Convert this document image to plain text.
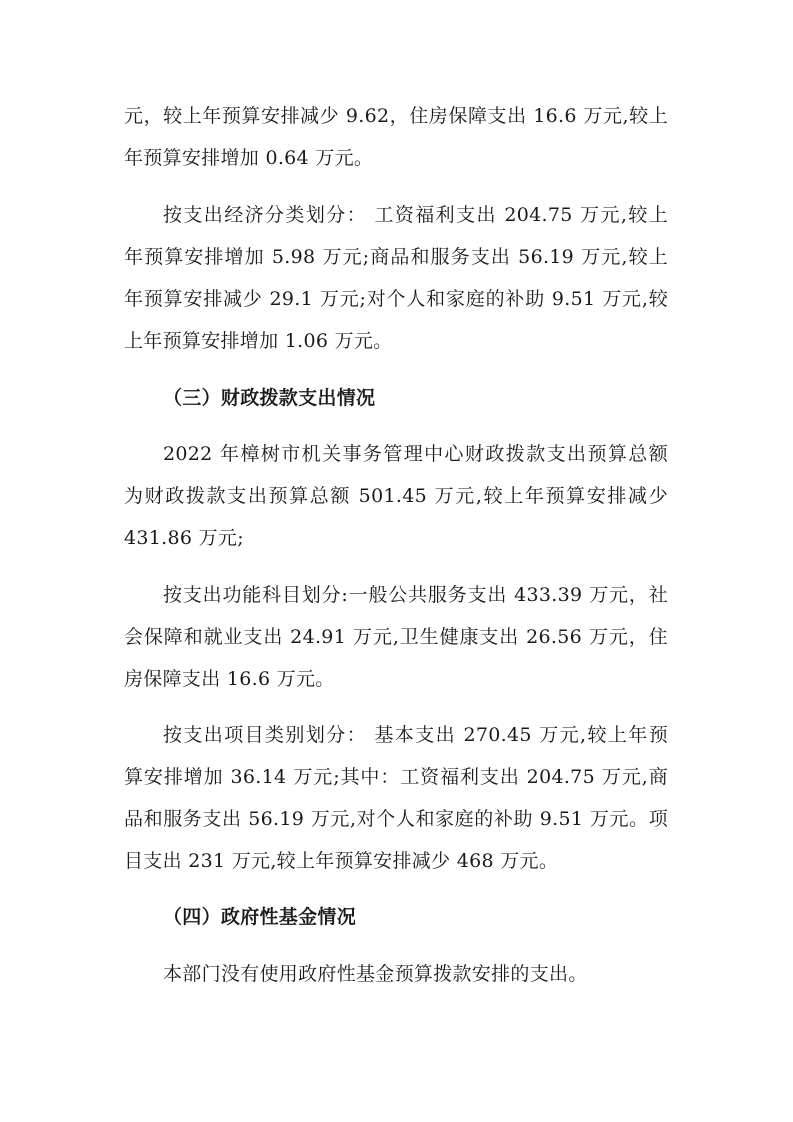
元，较上年预算安排减少 9.62，住房保障支出 16.6 万元,较上
年预算安排增加 0.64 万元。
按支出经济分类划分： 工资福利支出 204.75 万元,较上
年预算安排增加 5.98 万元;商品和服务支出 56.19 万元,较上
年预算安排减少 29.1 万元;对个人和家庭的补助 9.51 万元,较
上年预算安排增加 1.06 万元。
（三）财政拨款支出情况
2022 年樟树市机关事务管理中心财政拨款支出预算总额
为财政拨款支出预算总额 501.45 万元,较上年预算安排减少
431.86 万元;
按支出功能科目划分:一般公共服务支出 433.39 万元，社
会保障和就业支出 24.91 万元,卫生健康支出 26.56 万元，住
房保障支出 16.6 万元。
按支出项目类别划分： 基本支出 270.45 万元,较上年预
算安排增加 36.14 万元;其中：工资福利支出 204.75 万元,商
品和服务支出 56.19 万元,对个人和家庭的补助 9.51 万元。项
目支出 231 万元,较上年预算安排减少 468 万元。
（四）政府性基金情况
本部门没有使用政府性基金预算拨款安排的支出。
